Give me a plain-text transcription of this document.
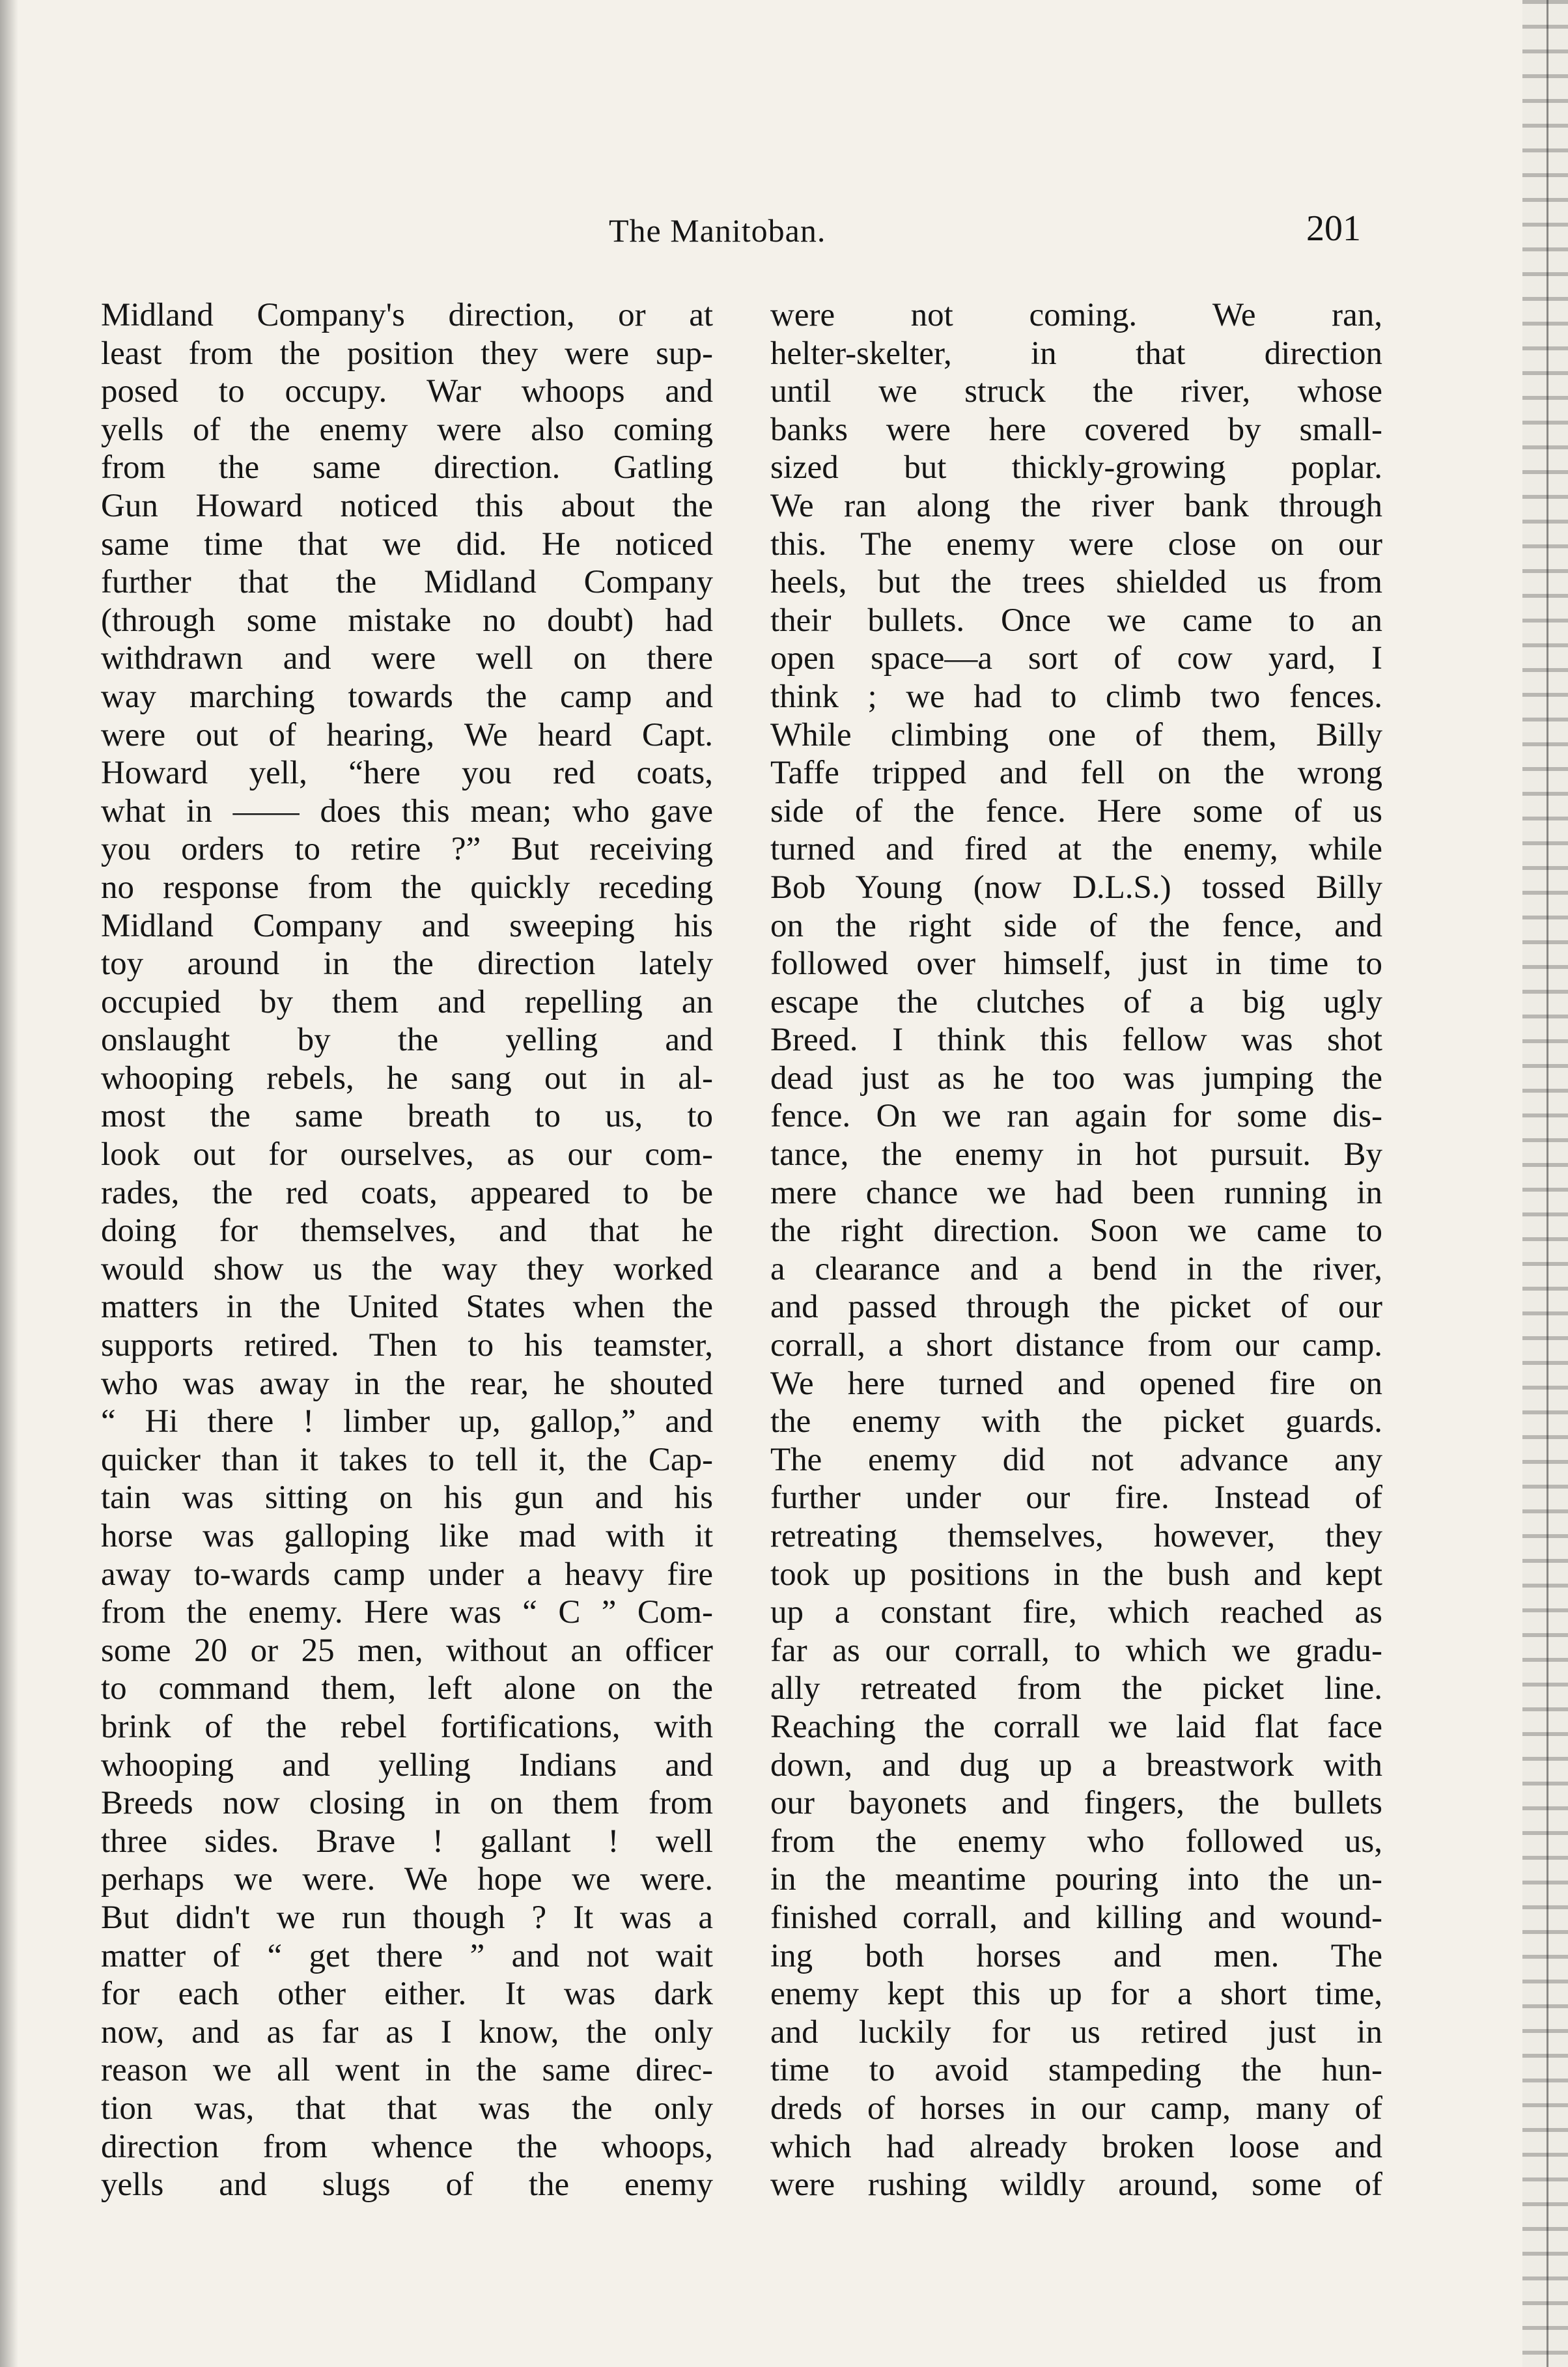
The Manitoban.	201
Midland Company's direction, or at
least from the position they were sup-
posed to occupy. War whoops and
yells of the enemy were also coming
from the same direction. Gatling
Gun Howard noticed this about the
same time that we did. He noticed
further that the Midland Company
(through some mistake no doubt) had
withdrawn and were well on there
way marching towards the camp and
were out of hearing, We heard Capt.
Howard yell, “here you red coats,
what in —— does this mean; who gave
you orders to retire ?” But receiving
no response from the quickly receding
Midland Company and sweeping his
toy around in the direction lately
occupied by them and repelling an
onslaught by the yelling and
whooping rebels, he sang out in al-
most the same breath to us, to
look out for ourselves, as our com-
rades, the red coats, appeared to be
doing for themselves, and that he
would show us the way they worked
matters in the United States when the
supports retired. Then to his teamster,
who was away in the rear, he shouted
“ Hi there ! limber up, gallop,” and
quicker than it takes to tell it, the Cap-
tain was sitting on his gun and his
horse was galloping like mad with it
away to-wards camp under a heavy fire
from the enemy. Here was “ C ” Com-
some 20 or 25 men, without an officer
to command them, left alone on the
brink of the rebel fortifications, with
whooping and yelling Indians and
Breeds now closing in on them from
three sides. Brave ! gallant ! well
perhaps we were. We hope we were.
But didn't we run though ? It was a
matter of “ get there ” and not wait
for each other either. It was dark
now, and as far as I know, the only
reason we all went in the same direc-
tion was, that that was the only
direction from whence the whoops,
yells and slugs of the enemy
were not coming. We ran,
helter-skelter, in that direction
until we struck the river, whose
banks were here covered by small-
sized but thickly-growing poplar.
We ran along the river bank through
this. The enemy were close on our
heels, but the trees shielded us from
their bullets. Once we came to an
open space—a sort of cow yard, I
think ; we had to climb two fences.
While climbing one of them, Billy
Taffe tripped and fell on the wrong
side of the fence. Here some of us
turned and fired at the enemy, while
Bob Young (now D.L.S.) tossed Billy
on the right side of the fence, and
followed over himself, just in time to
escape the clutches of a big ugly
Breed. I think this fellow was shot
dead just as he too was jumping the
fence. On we ran again for some dis-
tance, the enemy in hot pursuit. By
mere chance we had been running in
the right direction. Soon we came to
a clearance and a bend in the river,
and passed through the picket of our
corrall, a short distance from our camp.
We here turned and opened fire on
the enemy with the picket guards.
The enemy did not advance any
further under our fire. Instead of
retreating themselves, however, they
took up positions in the bush and kept
up a constant fire, which reached as
far as our corrall, to which we gradu-
ally retreated from the picket line.
Reaching the corrall we laid flat face
down, and dug up a breastwork with
our bayonets and fingers, the bullets
from the enemy who followed us,
in the meantime pouring into the un-
finished corrall, and killing and wound-
ing both horses and men. The
enemy kept this up for a short time,
and luckily for us retired just in
time to avoid stampeding the hun-
dreds of horses in our camp, many of
which had already broken loose and
were rushing wildly around, some of
